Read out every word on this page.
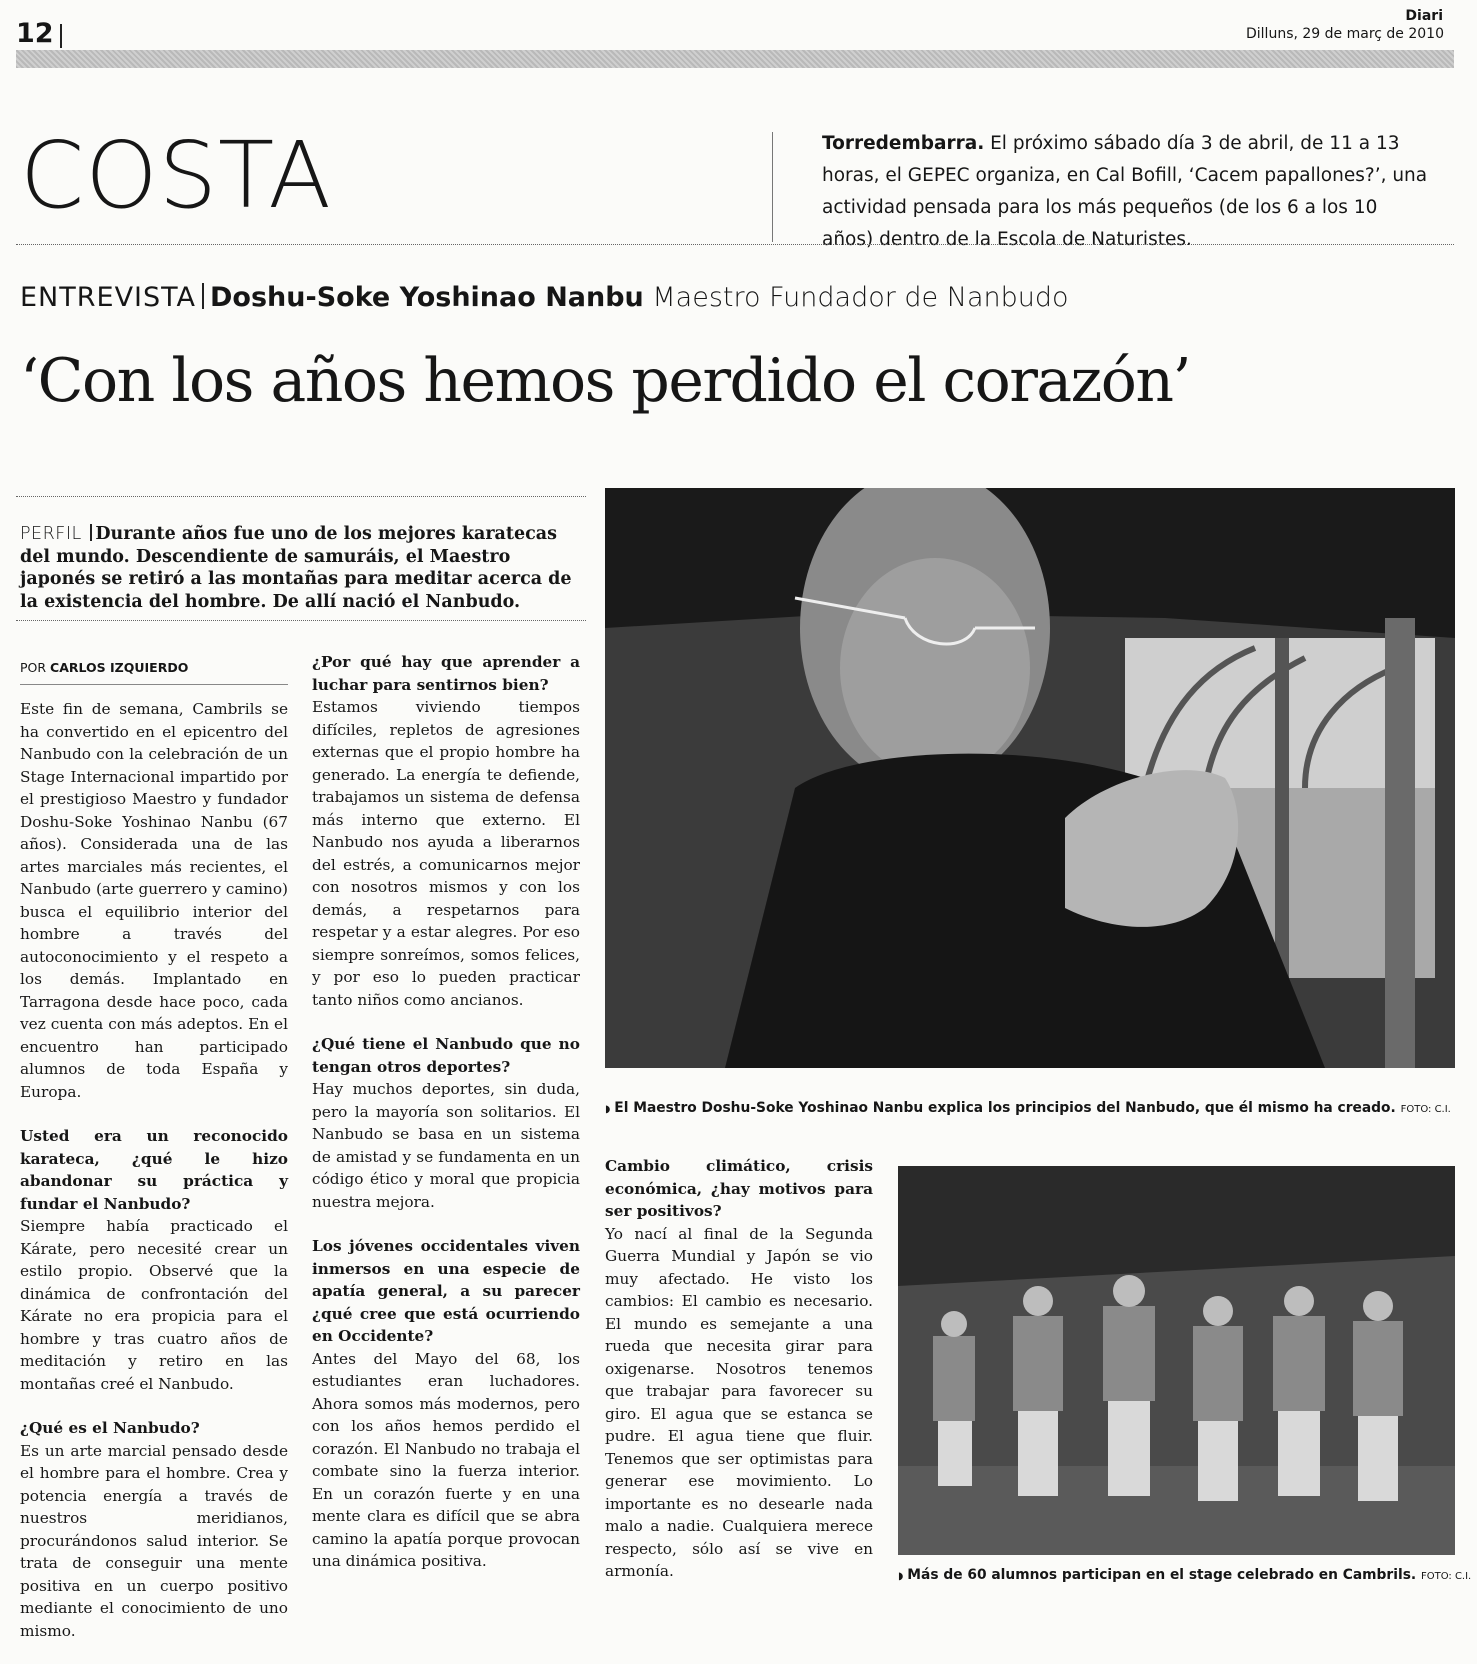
12
Diari
Dilluns, 29 de març de 2010
COSTA	Torredembarra. El próximo sábado día 3 de abril, de 11 a 13 horas, el GEPEC organiza, en Cal Bofill, ‘Cacem papallones?’, una actividad pensada para los más pequeños (de los 6 a los 10 años) dentro de la Escola de Naturistes.
ENTREVISTA Doshu-Soke Yoshinao Nanbu Maestro Fundador de Nanbudo
‘Con los años hemos perdido el corazón’
PERFIL Durante años fue uno de los mejores karatecas del mundo. Descendiente de samuráis, el Maestro japonés se retiró a las montañas para meditar acerca de la existencia del hombre. De allí nació el Nanbudo.
POR CARLOS IZQUIERDO

Este fin de semana, Cambrils se ha convertido en el epicentro del Nanbudo con la celebración de un Stage Internacional impartido por el prestigioso Maestro y fundador Doshu-Soke Yoshinao Nanbu (67 años). Considerada una de las artes marciales más recientes, el Nanbudo (arte guerrero y camino) busca el equilibrio interior del hombre a través del autoconocimiento y el respeto a los demás. Implantado en Tarragona desde hace poco, cada vez cuenta con más adeptos. En el encuentro han participado alumnos de toda España y Europa.

Usted era un reconocido karateca, ¿qué le hizo abandonar su práctica y fundar el Nanbudo?
Siempre había practicado el Kárate, pero necesité crear un estilo propio. Observé que la dinámica de confrontación del Kárate no era propicia para el hombre y tras cuatro años de meditación y retiro en las montañas creé el Nanbudo.

¿Qué es el Nanbudo?
Es un arte marcial pensado desde el hombre para el hombre. Crea y potencia energía a través de nuestros meridianos, procurándonos salud interior. Se trata de conseguir una mente positiva en un cuerpo positivo mediante el conocimiento de uno mismo.

¿Por qué hay que aprender a luchar para sentirnos bien?
Estamos viviendo tiempos difíciles, repletos de agresiones externas que el propio hombre ha generado. La energía te defiende, trabajamos un sistema de defensa más interno que externo. El Nanbudo nos ayuda a liberarnos del estrés, a comunicarnos mejor con nosotros mismos y con los demás, a respetarnos para respetar y a estar alegres. Por eso siempre sonreímos, somos felices, y por eso lo pueden practicar tanto niños como ancianos.

¿Qué tiene el Nanbudo que no tengan otros deportes?
Hay muchos deportes, sin duda, pero la mayoría son solitarios. El Nanbudo se basa en un sistema de amistad y se fundamenta en un código ético y moral que propicia nuestra mejora.

Los jóvenes occidentales viven inmersos en una especie de apatía general, a su parecer ¿qué cree que está ocurriendo en Occidente?
Antes del Mayo del 68, los estudiantes eran luchadores. Ahora somos más modernos, pero con los años hemos perdido el corazón. El Nanbudo no trabaja el combate sino la fuerza interior. En un corazón fuerte y en una mente clara es difícil que se abra camino la apatía porque provocan una dinámica positiva.

◗ El Maestro Doshu-Soke Yoshinao Nanbu explica los principios del Nanbudo, que él mismo ha creado. FOTO: C.I.

Cambio climático, crisis económica, ¿hay motivos para ser positivos?
Yo nací al final de la Segunda Guerra Mundial y Japón se vio muy afectado. He visto los cambios: El cambio es necesario. El mundo es semejante a una rueda que necesita girar para oxigenarse. Nosotros tenemos que trabajar para favorecer su giro. El agua que se estanca se pudre. El agua tiene que fluir. Tenemos que ser optimistas para generar ese movimiento. Lo importante es no desearle nada malo a nadie. Cualquiera merece respecto, sólo así se vive en armonía.	◗ Más de 60 alumnos participan en el stage celebrado en Cambrils. FOTO: C.I.
